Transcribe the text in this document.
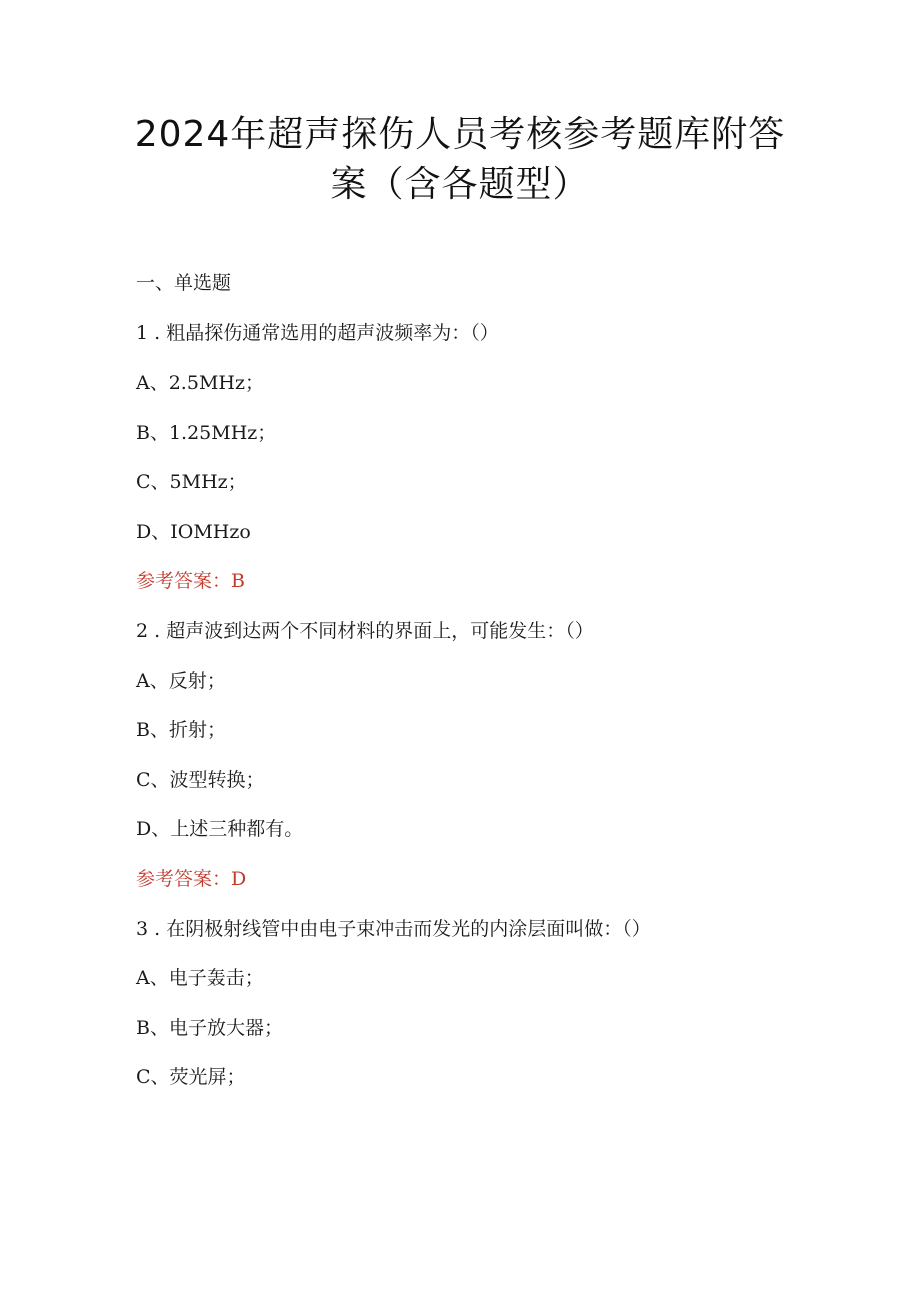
2024年超声探伤人员考核参考题库附答
案（含各题型）

一、单选题

1 . 粗晶探伤通常选用的超声波频率为：（）

A、2.5MHz；

B、1.25MHz；

C、5MHz；

D、IOMHzo

参考答案：B

2 . 超声波到达两个不同材料的界面上，可能发生：（）

A、反射；

B、折射；

C、波型转换；

D、上述三种都有。

参考答案：D

3 . 在阴极射线管中由电子束冲击而发光的内涂层面叫做：（）

A、电子轰击；

B、电子放大器；

C、荧光屏；
